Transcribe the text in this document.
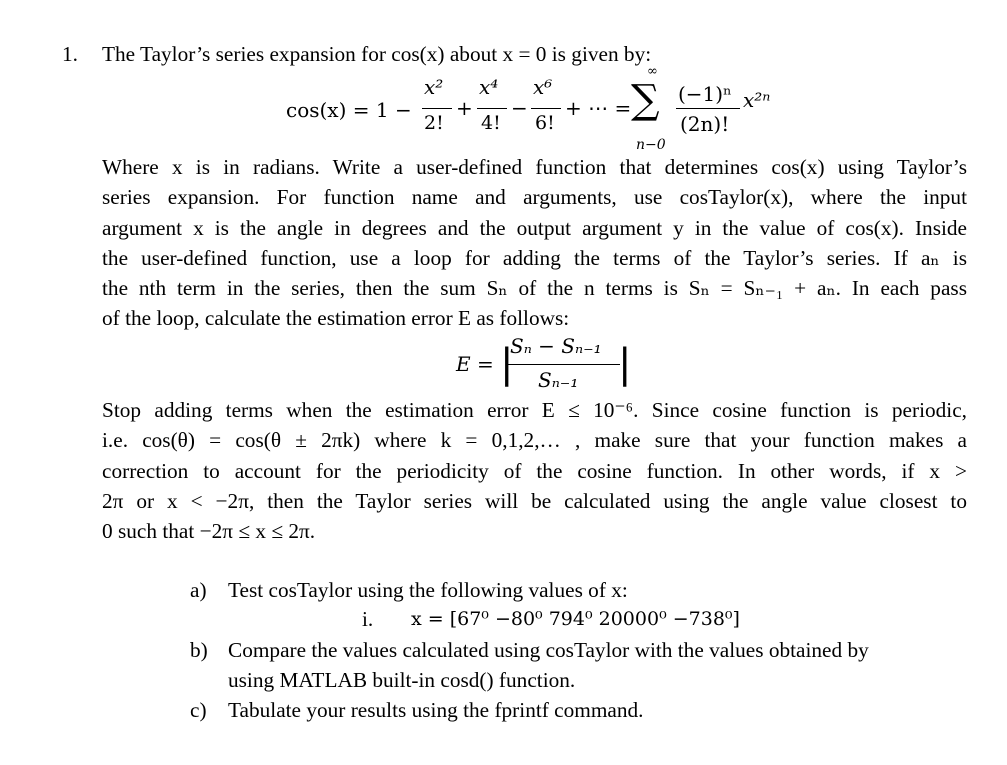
1. The Taylor’s series expansion for cos(x) about x = 0 is given by:
cos(x) = 1 −
x²
2!
+
x⁴
4!
−
x⁶
6!
+ ⋯ =
∞
∑
n−0
(−1)ⁿ
(2n)!
x²ⁿ
Where x is in radians. Write a user-defined function that determines cos(x) using Taylor’s
series expansion. For function name and arguments, use cosTaylor(x), where the input
argument x is the angle in degrees and the output argument y in the value of cos(x). Inside
the user-defined function, use a loop for adding the terms of the Taylor’s series. If aₙ is
the nth term in the series, then the sum Sₙ of the n terms is Sₙ = Sₙ₋₁ + aₙ. In each pass
of the loop, calculate the estimation error E as follows:
E = |
Sₙ − Sₙ₋₁
Sₙ₋₁ |
Stop adding terms when the estimation error E ≤ 10⁻⁶. Since cosine function is periodic,
i.e. cos(θ) = cos(θ ± 2πk) where k = 0,1,2,… , make sure that your function makes a
correction to account for the periodicity of the cosine function. In other words, if x >
2π or x < −2π, then the Taylor series will be calculated using the angle value closest to
0 such that −2π ≤ x ≤ 2π.
a) Test cosTaylor using the following values of x:
i. x = [67⁰ −80⁰ 794⁰ 20000⁰ −738⁰]
b) Compare the values calculated using cosTaylor with the values obtained by
using MATLAB built-in cosd() function.
c) Tabulate your results using the fprintf command.
